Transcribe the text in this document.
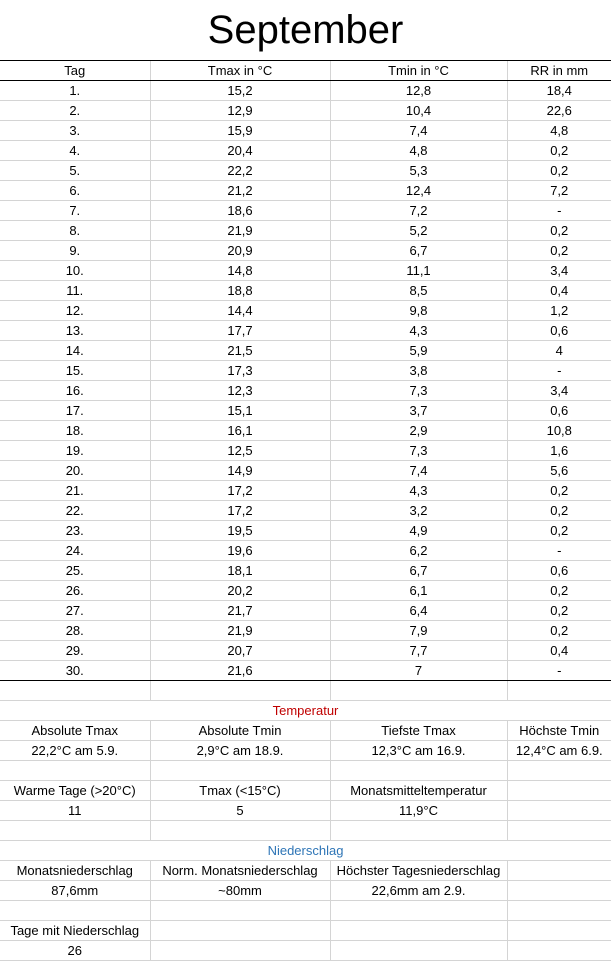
September
Tag	Tmax in °C	Tmin in °C	RR in mm
1.	15,2	12,8	18,4
2.	12,9	10,4	22,6
3.	15,9	7,4	4,8
4.	20,4	4,8	0,2
5.	22,2	5,3	0,2
6.	21,2	12,4	7,2
7.	18,6	7,2	-
8.	21,9	5,2	0,2
9.	20,9	6,7	0,2
10.	14,8	11,1	3,4
11.	18,8	8,5	0,4
12.	14,4	9,8	1,2
13.	17,7	4,3	0,6
14.	21,5	5,9	4
15.	17,3	3,8	-
16.	12,3	7,3	3,4
17.	15,1	3,7	0,6
18.	16,1	2,9	10,8
19.	12,5	7,3	1,6
20.	14,9	7,4	5,6
21.	17,2	4,3	0,2
22.	17,2	3,2	0,2
23.	19,5	4,9	0,2
24.	19,6	6,2	-
25.	18,1	6,7	0,6
26.	20,2	6,1	0,2
27.	21,7	6,4	0,2
28.	21,9	7,9	0,2
29.	20,7	7,7	0,4
30.	21,6	7	-

Temperatur			
Absolute Tmax	Absolute Tmin	Tiefste Tmax	Höchste Tmin
22,2°C am 5.9.	2,9°C am 18.9.	12,3°C am 16.9.	12,4°C am 6.9.

Warme Tage (>20°C)	Tmax (<15°C)	Monatsmitteltemperatur	
11	5	11,9°C	

Niederschlag			
Monatsniederschlag	Norm. Monatsniederschlag	Höchster Tagesniederschlag	
87,6mm	~80mm	22,6mm am 2.9.	

Tage mit Niederschlag			
26			
